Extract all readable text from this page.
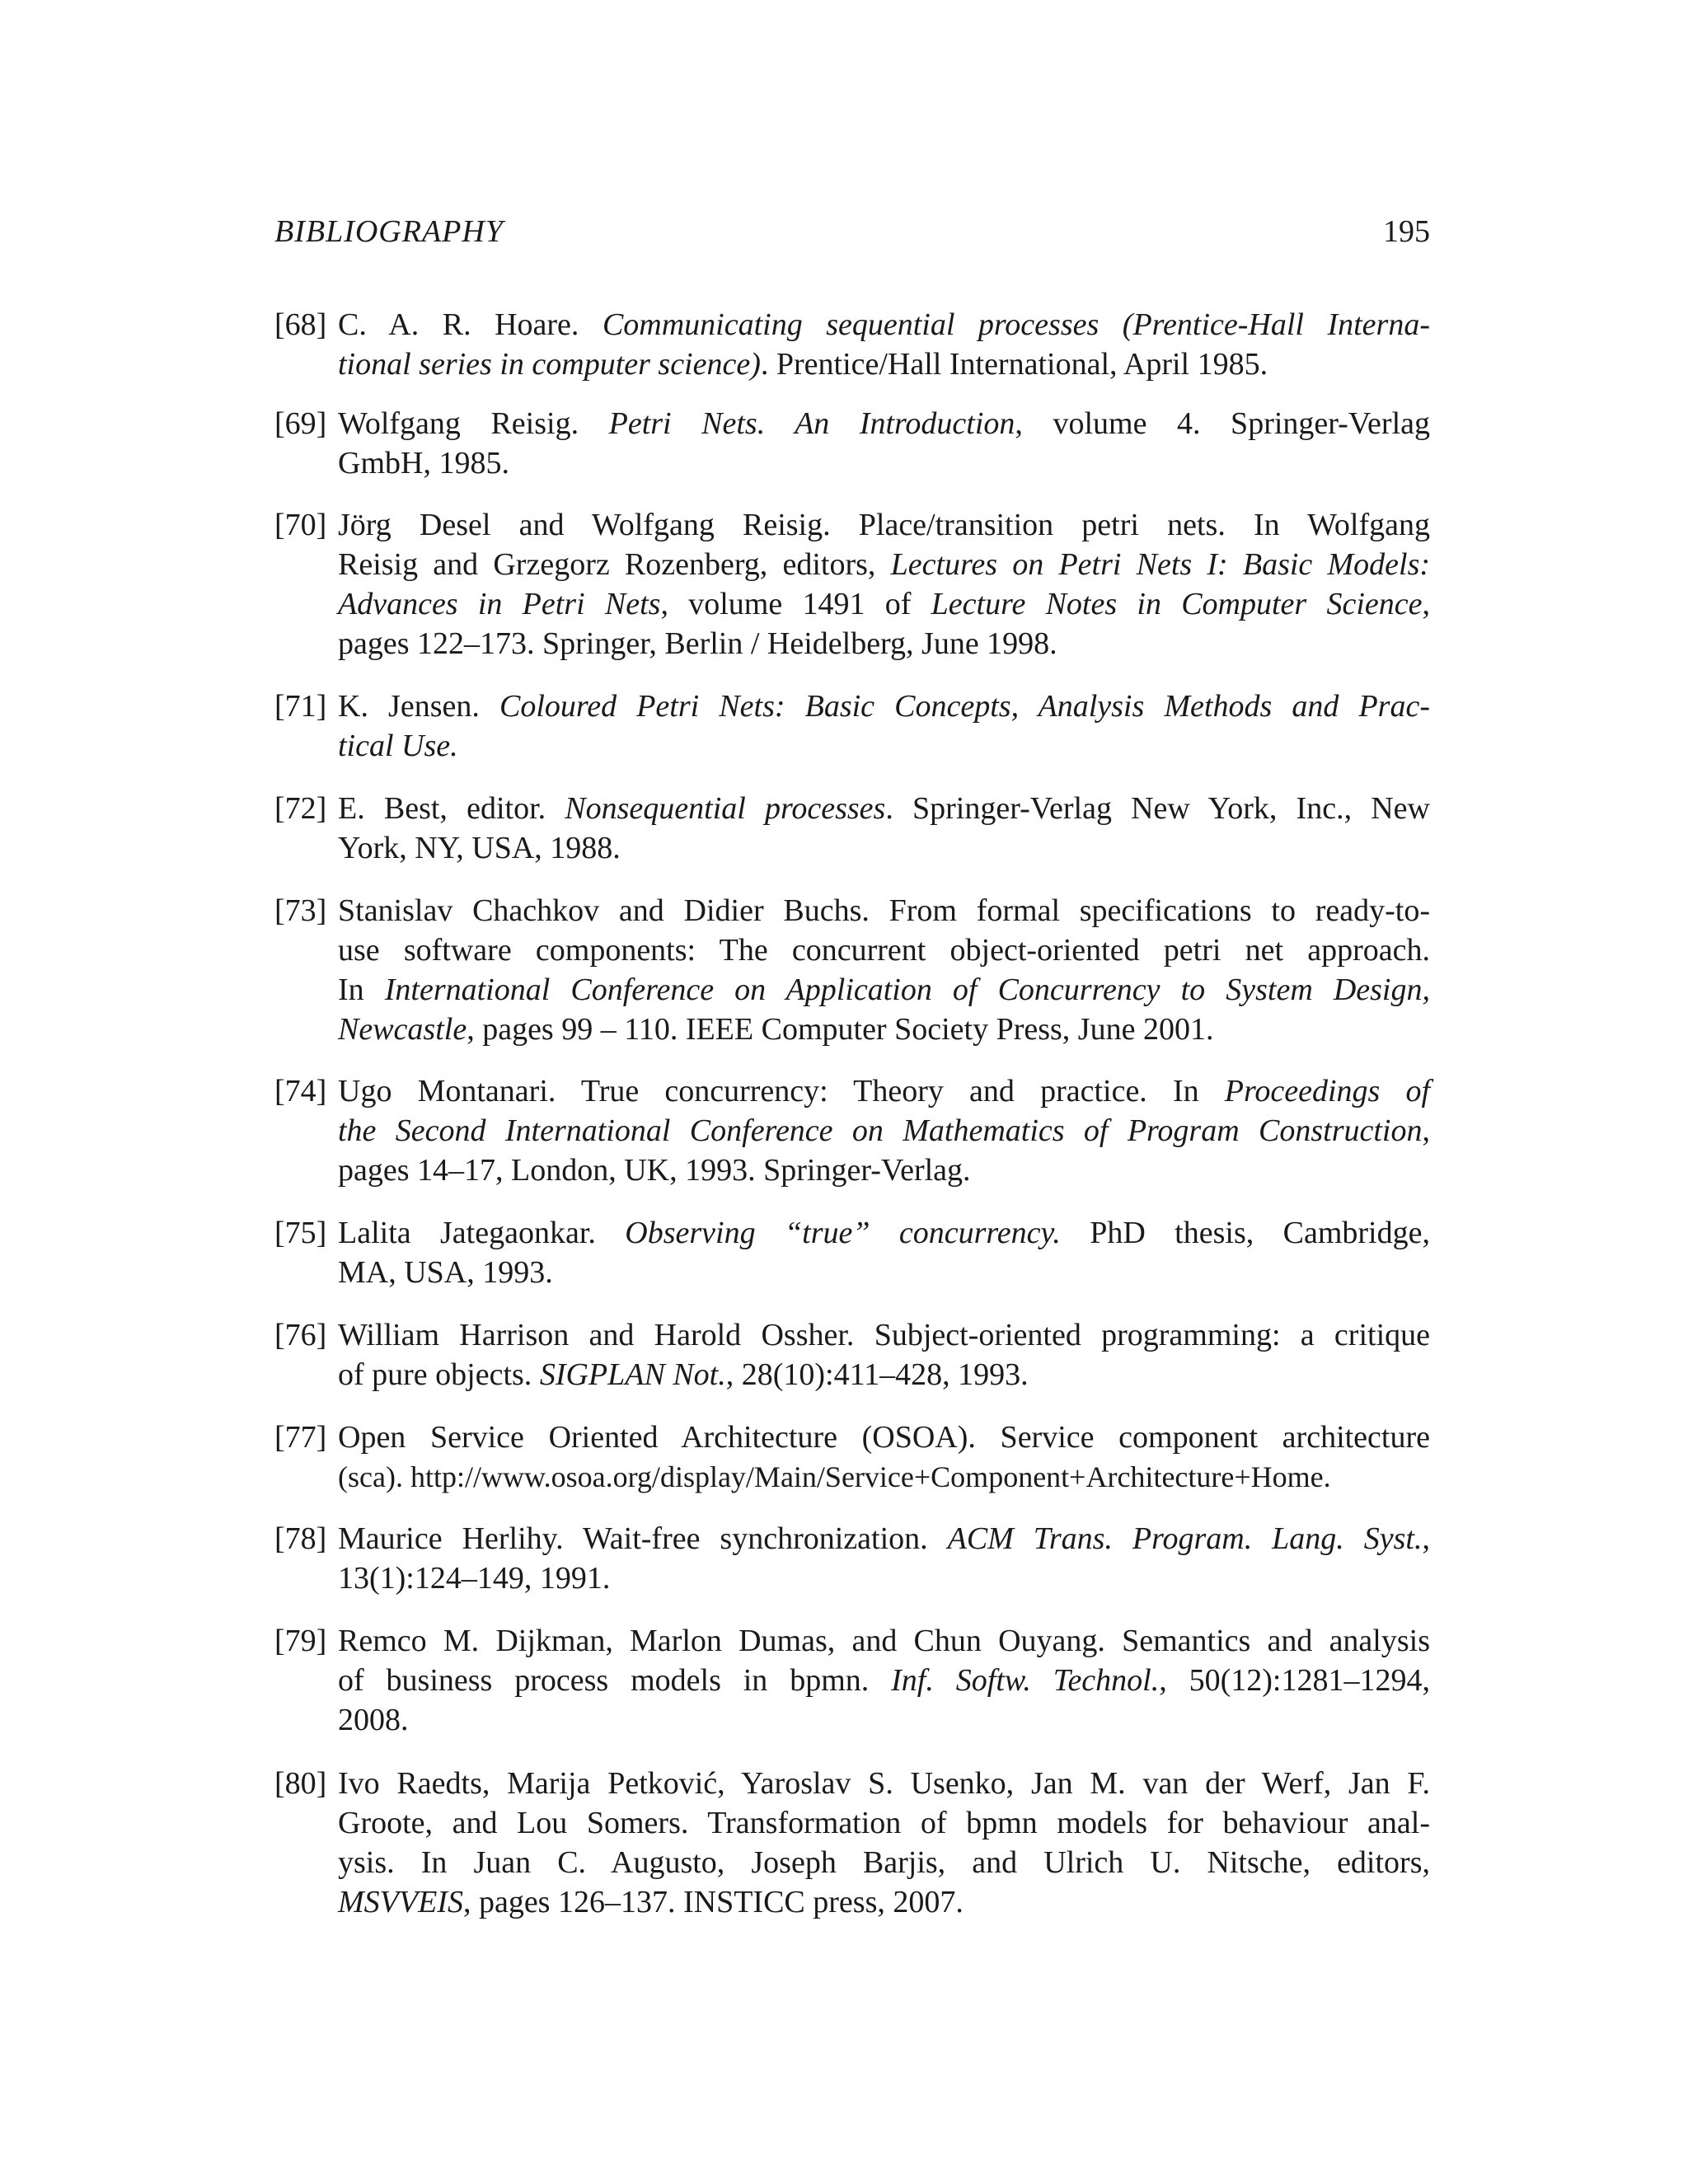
BIBLIOGRAPHY	195
[68] C. A. R. Hoare. Communicating sequential processes (Prentice-Hall Interna-
tional series in computer science). Prentice/Hall International, April 1985.
[69] Wolfgang Reisig. Petri Nets. An Introduction, volume 4. Springer-Verlag
GmbH, 1985.
[70] Jörg Desel and Wolfgang Reisig. Place/transition petri nets. In Wolfgang
Reisig and Grzegorz Rozenberg, editors, Lectures on Petri Nets I: Basic Models:
Advances in Petri Nets, volume 1491 of Lecture Notes in Computer Science,
pages 122–173. Springer, Berlin / Heidelberg, June 1998.
[71] K. Jensen. Coloured Petri Nets: Basic Concepts, Analysis Methods and Prac-
tical Use.
[72] E. Best, editor. Nonsequential processes. Springer-Verlag New York, Inc., New
York, NY, USA, 1988.
[73] Stanislav Chachkov and Didier Buchs. From formal specifications to ready-to-
use software components: The concurrent object-oriented petri net approach.
In International Conference on Application of Concurrency to System Design,
Newcastle, pages 99 – 110. IEEE Computer Society Press, June 2001.
[74] Ugo Montanari. True concurrency: Theory and practice. In Proceedings of
the Second International Conference on Mathematics of Program Construction,
pages 14–17, London, UK, 1993. Springer-Verlag.
[75] Lalita Jategaonkar. Observing “true” concurrency. PhD thesis, Cambridge,
MA, USA, 1993.
[76] William Harrison and Harold Ossher. Subject-oriented programming: a critique
of pure objects. SIGPLAN Not., 28(10):411–428, 1993.
[77] Open Service Oriented Architecture (OSOA). Service component architecture
(sca). http://www.osoa.org/display/Main/Service+Component+Architecture+Home.
[78] Maurice Herlihy. Wait-free synchronization. ACM Trans. Program. Lang. Syst.,
13(1):124–149, 1991.
[79] Remco M. Dijkman, Marlon Dumas, and Chun Ouyang. Semantics and analysis
of business process models in bpmn. Inf. Softw. Technol., 50(12):1281–1294,
2008.
[80] Ivo Raedts, Marija Petković, Yaroslav S. Usenko, Jan M. van der Werf, Jan F.
Groote, and Lou Somers. Transformation of bpmn models for behaviour anal-
ysis. In Juan C. Augusto, Joseph Barjis, and Ulrich U. Nitsche, editors,
MSVVEIS, pages 126–137. INSTICC press, 2007.
